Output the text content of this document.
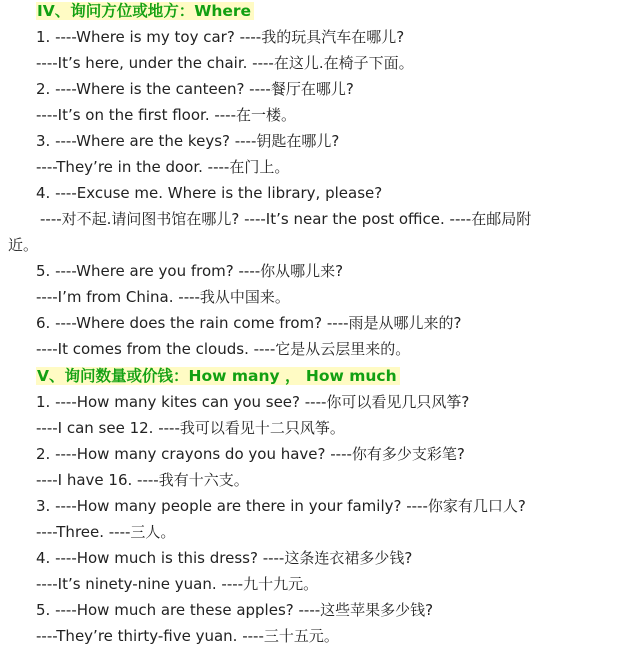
IV、询问方位或地方：Where
1. ----Where is my toy car? ----我的玩具汽车在哪儿?
----It’s here, under the chair. ----在这儿.在椅子下面。
2. ----Where is the canteen? ----餐厅在哪儿?
----It’s on the first floor. ----在一楼。
3. ----Where are the keys? ----钥匙在哪儿?
----They’re in the door. ----在门上。
4. ----Excuse me. Where is the library, please?
----对不起.请问图书馆在哪儿? ----It’s near the post office. ----在邮局附
近。
5. ----Where are you from? ----你从哪儿来?
----I’m from China. ----我从中国来。
6. ----Where does the rain come from? ----雨是从哪儿来的?
----It comes from the clouds. ----它是从云层里来的。
V、询问数量或价钱：How many ， How much
1. ----How many kites can you see? ----你可以看见几只风筝?
----I can see 12. ----我可以看见十二只风筝。
2. ----How many crayons do you have? ----你有多少支彩笔?
----I have 16. ----我有十六支。
3. ----How many people are there in your family? ----你家有几口人?
----Three. ----三人。
4. ----How much is this dress? ----这条连衣裙多少钱?
----It’s ninety-nine yuan. ----九十九元。
5. ----How much are these apples? ----这些苹果多少钱?
----They’re thirty-five yuan. ----三十五元。
